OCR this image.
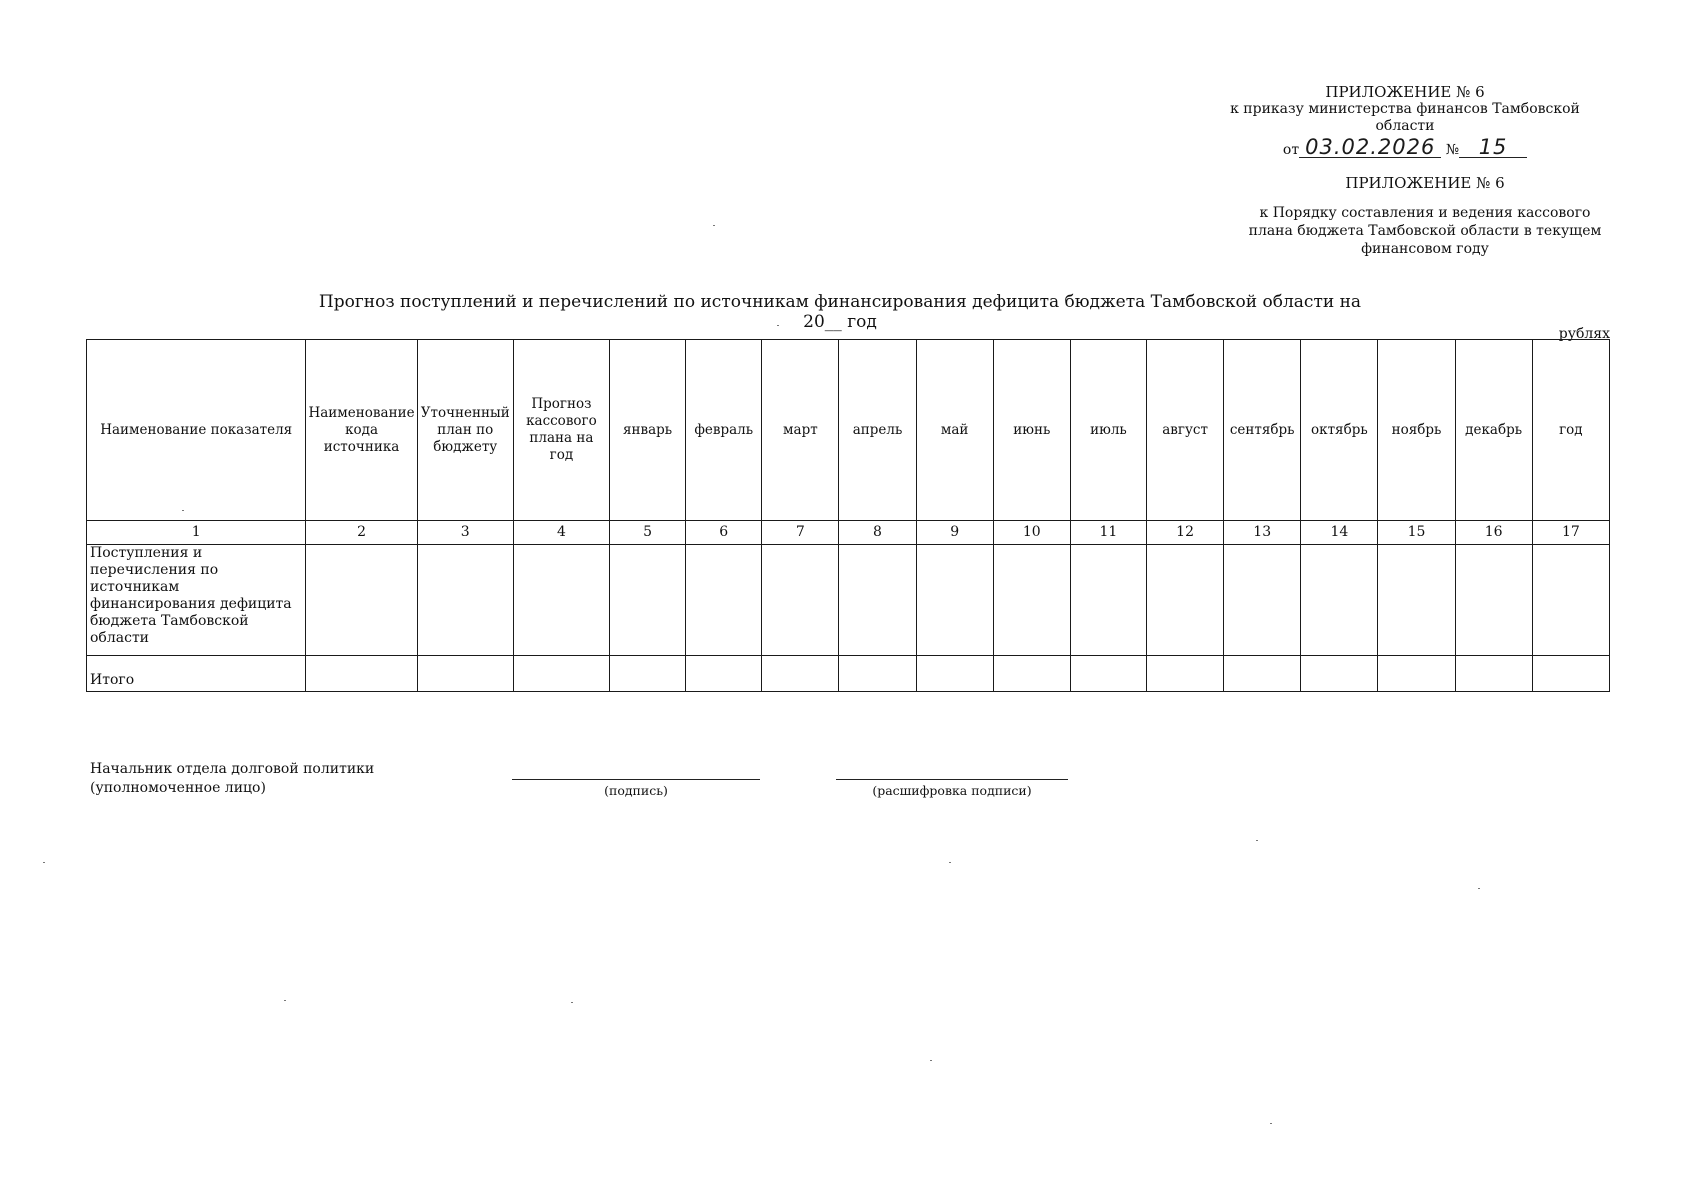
ПРИЛОЖЕНИЕ № 6
к приказу министерства финансов Тамбовской области
от 03.02.2026 № 15
ПРИЛОЖЕНИЕ № 6
к Порядку составления и ведения кассового плана бюджета Тамбовской области в текущем финансовом году
Прогноз поступлений и перечислений по источникам финансирования дефицита бюджета Тамбовской области на 20__ год
рублях
Наименование показателя	Наименование кода источника	Уточненный план по бюджету	Прогноз кассового плана на год	январь	февраль	март	апрель	май	июнь	июль	август	сентябрь	октябрь	ноябрь	декабрь	год
1	2	3	4	5	6	7	8	9	10	11	12	13	14	15	16	17
Поступления и перечисления по источникам финансирования дефицита бюджета Тамбовской области																
Итого																
Начальник отдела долговой политики
(уполномоченное лицо)	(подпись)	(расшифровка подписи)
